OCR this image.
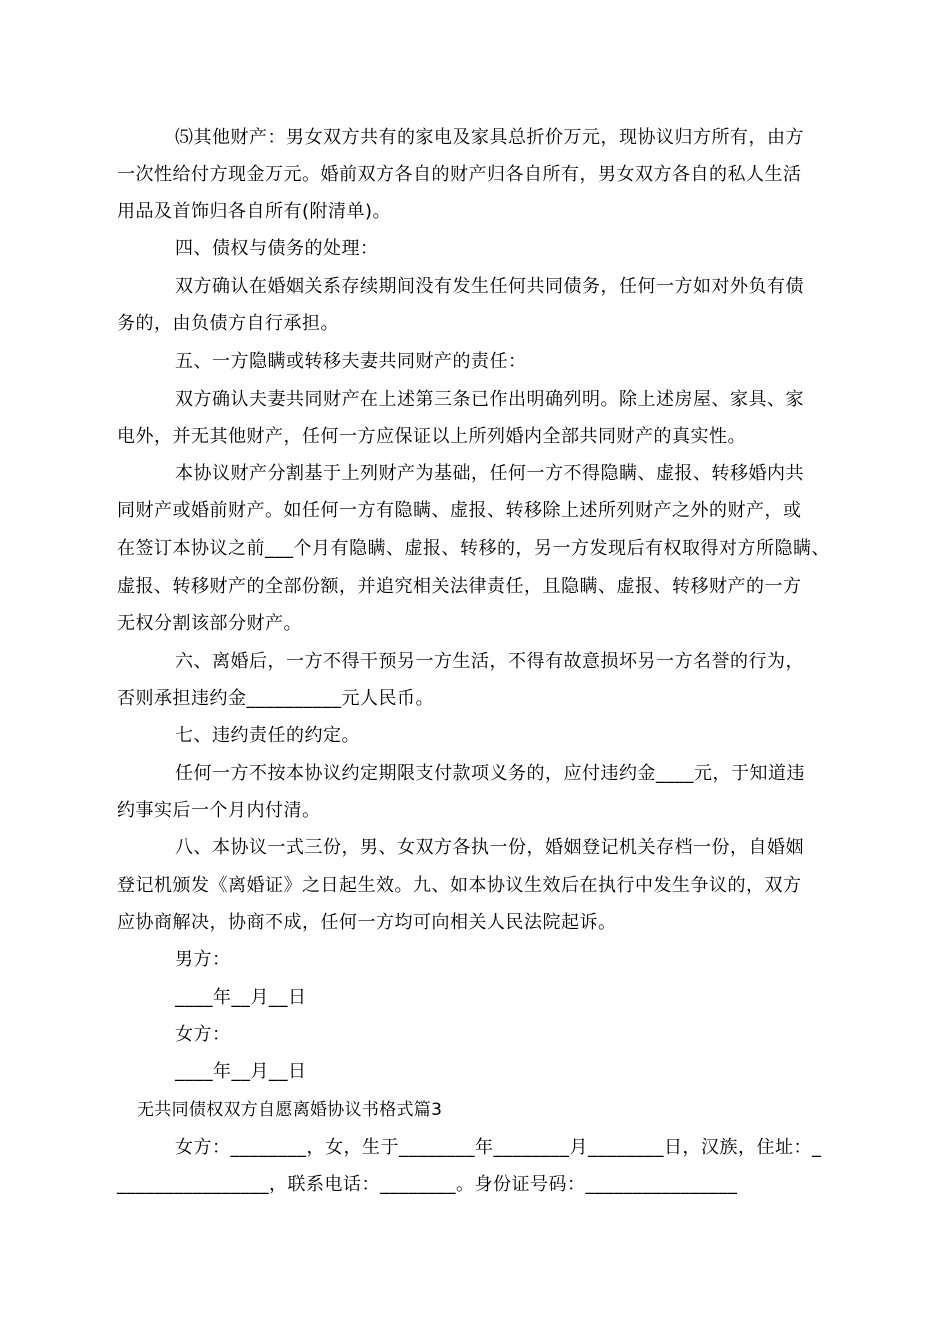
⑸其他财产：男女双方共有的家电及家具总折价万元，现协议归方所有，由方
一次性给付方现金万元。婚前双方各自的财产归各自所有，男女双方各自的私人生活
用品及首饰归各自所有(附清单)。
四、债权与债务的处理：
双方确认在婚姻关系存续期间没有发生任何共同债务，任何一方如对外负有债
务的，由负债方自行承担。
五、一方隐瞒或转移夫妻共同财产的责任：
双方确认夫妻共同财产在上述第三条已作出明确列明。除上述房屋、家具、家
电外，并无其他财产，任何一方应保证以上所列婚内全部共同财产的真实性。
本协议财产分割基于上列财产为基础，任何一方不得隐瞒、虚报、转移婚内共
同财产或婚前财产。如任何一方有隐瞒、虚报、转移除上述所列财产之外的财产，或
在签订本协议之前___个月有隐瞒、虚报、转移的，另一方发现后有权取得对方所隐瞒、
虚报、转移财产的全部份额，并追究相关法律责任，且隐瞒、虚报、转移财产的一方
无权分割该部分财产。
六、离婚后，一方不得干预另一方生活，不得有故意损坏另一方名誉的行为，
否则承担违约金__________元人民币。
七、违约责任的约定。
任何一方不按本协议约定期限支付款项义务的，应付违约金____元，于知道违
约事实后一个月内付清。
八、本协议一式三份，男、女双方各执一份，婚姻登记机关存档一份，自婚姻
登记机颁发《离婚证》之日起生效。九、如本协议生效后在执行中发生争议的，双方
应协商解决，协商不成，任何一方均可向相关人民法院起诉。
男方：
____年__月__日
女方：
____年__月__日
无共同债权双方自愿离婚协议书格式篇3
女方：________，女，生于________年________月________日，汉族，住址：_
________________，联系电话：________。身份证号码：________________
